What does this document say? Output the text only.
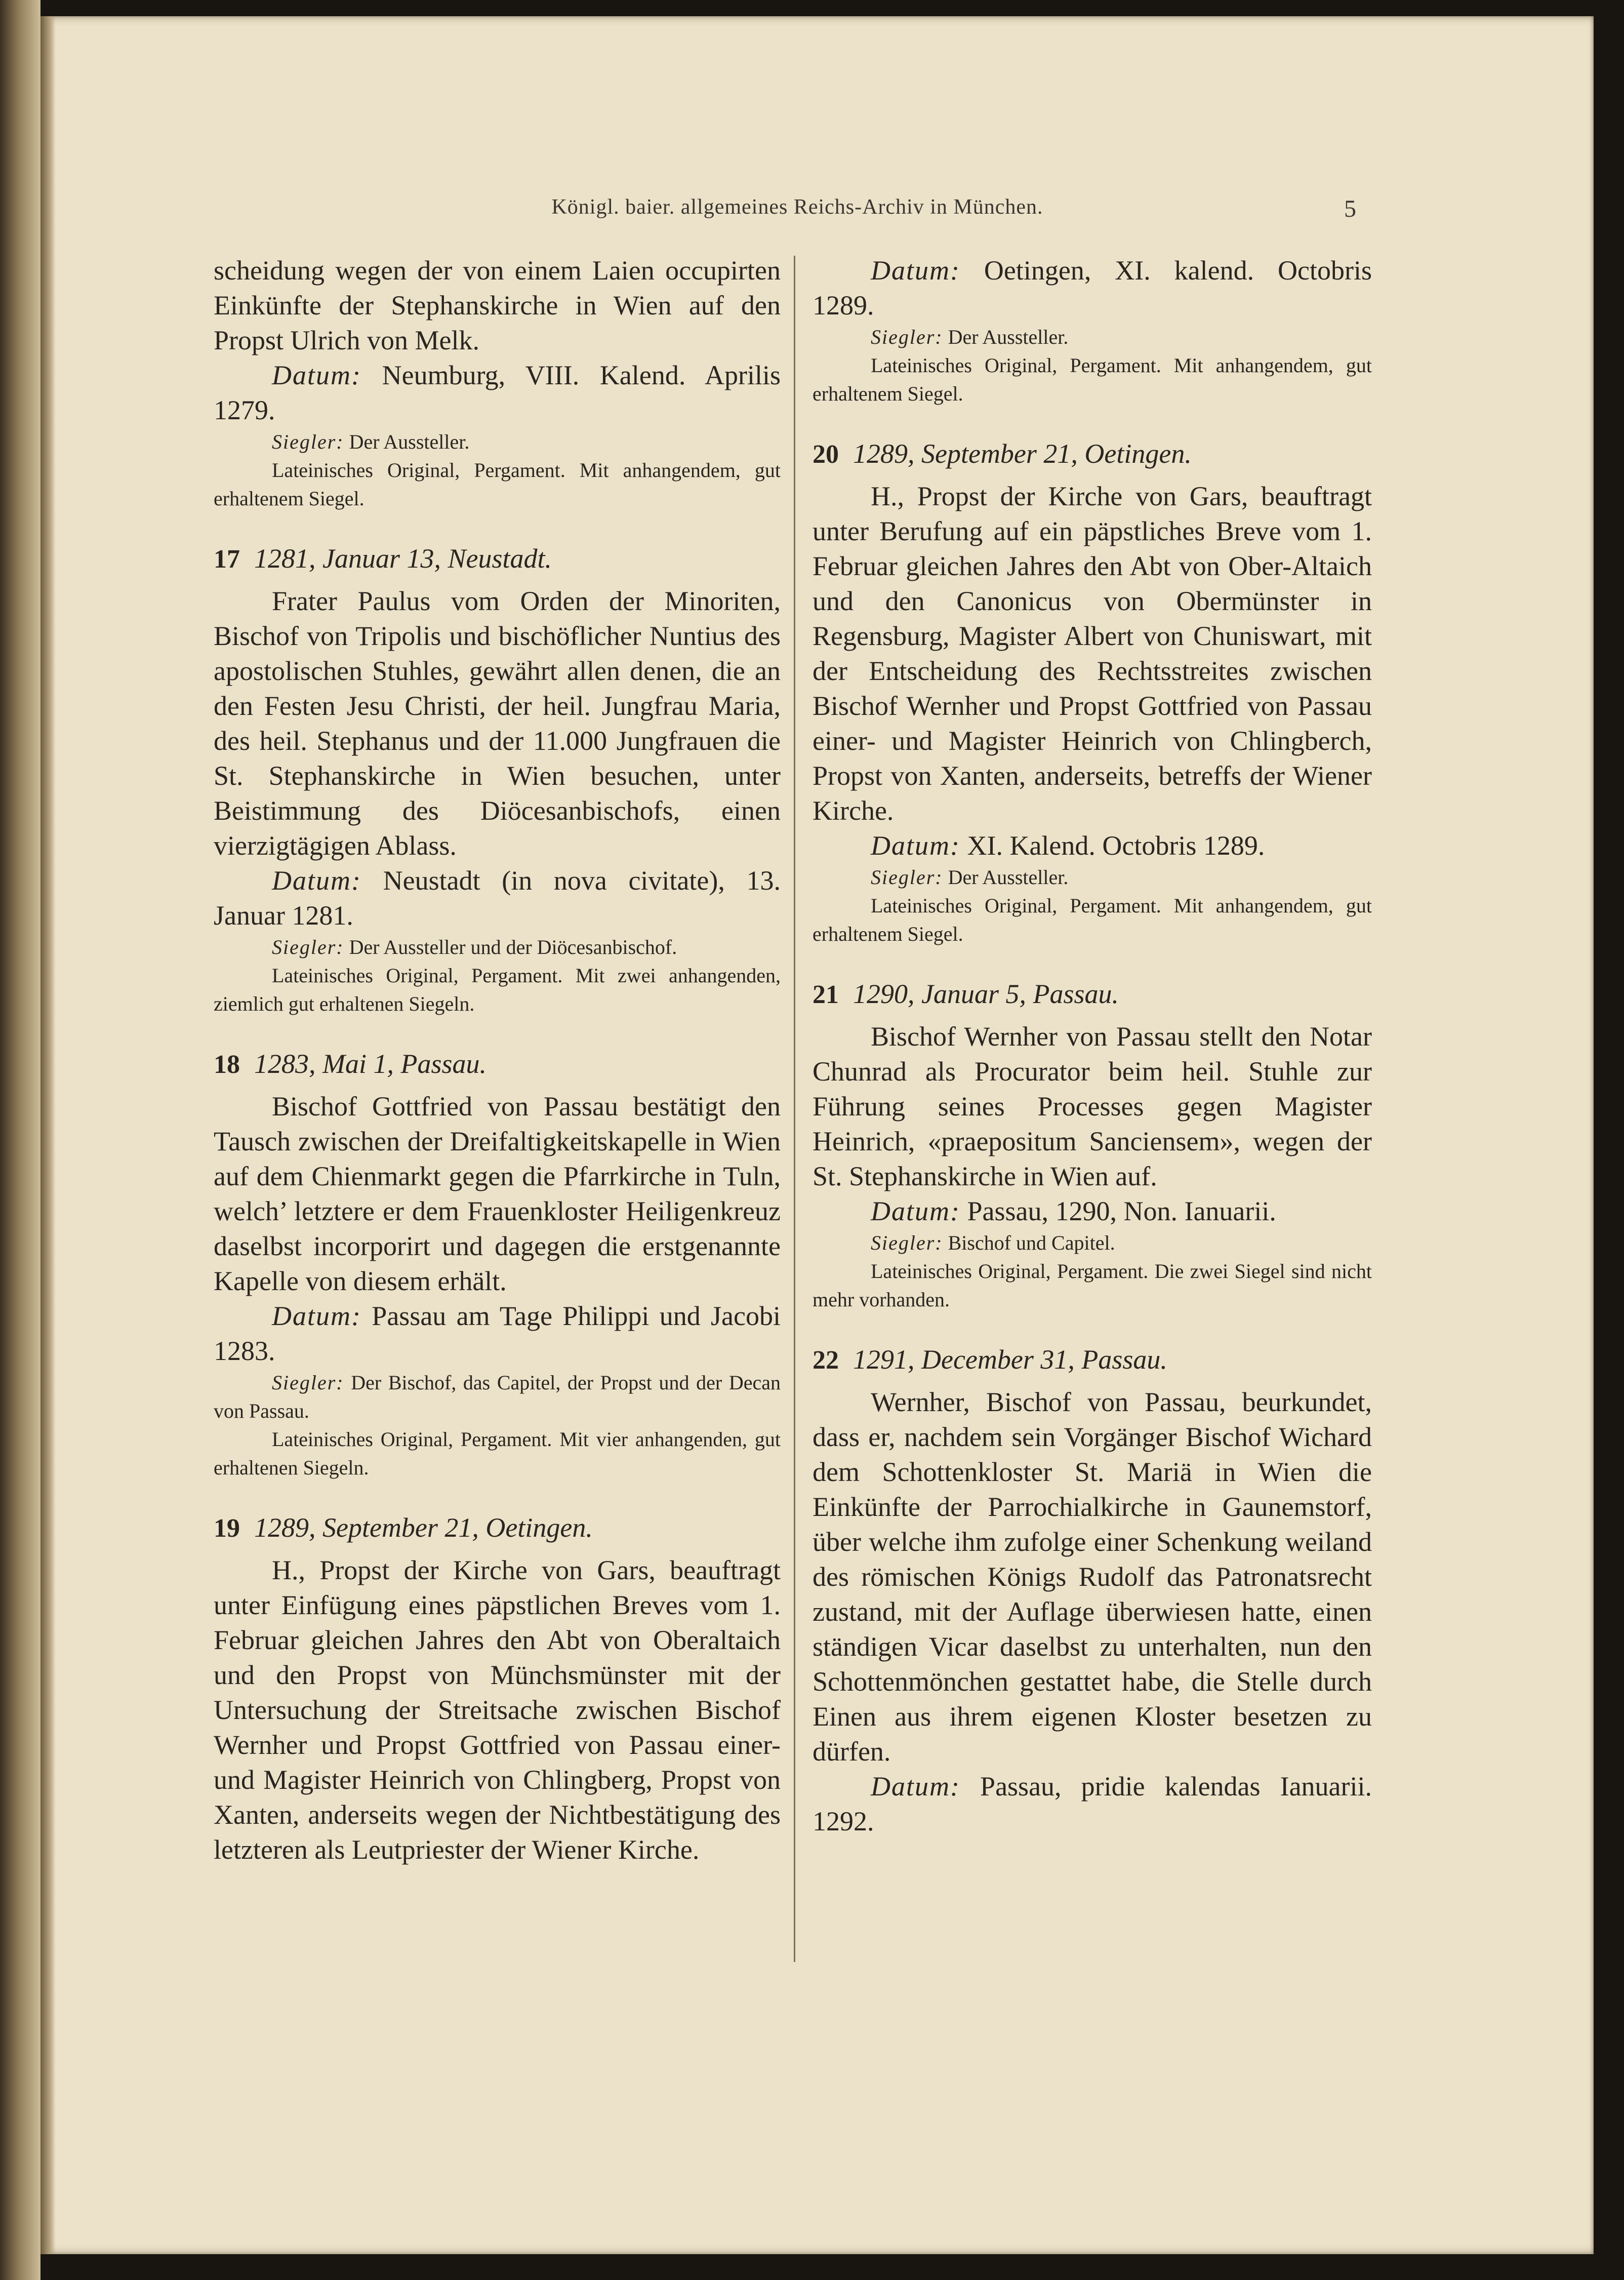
Königl. baier. allgemeines Reichs-Archiv in München.	5

scheidung wegen der von einem Laien occupirten Einkünfte der Stephanskirche in Wien auf den Propst Ulrich von Melk.

Datum: Neumburg, VIII. Kalend. Aprilis 1279.

Siegler: Der Aussteller.

Lateinisches Original, Pergament. Mit anhangendem, gut erhaltenem Siegel.

17 1281, Januar 13, Neustadt.

Frater Paulus vom Orden der Minoriten, Bischof von Tripolis und bischöflicher Nuntius des apostolischen Stuhles, gewährt allen denen, die an den Festen Jesu Christi, der heil. Jungfrau Maria, des heil. Stephanus und der 11.000 Jungfrauen die St. Stephanskirche in Wien besuchen, unter Beistimmung des Diöcesanbischofs, einen vierzigtägigen Ablass.

Datum: Neustadt (in nova civitate), 13. Januar 1281.

Siegler: Der Aussteller und der Diöcesanbischof.

Lateinisches Original, Pergament. Mit zwei anhangenden, ziemlich gut erhaltenen Siegeln.

18 1283, Mai 1, Passau.

Bischof Gottfried von Passau bestätigt den Tausch zwischen der Dreifaltigkeitskapelle in Wien auf dem Chienmarkt gegen die Pfarrkirche in Tuln, welch’ letztere er dem Frauenkloster Heiligenkreuz daselbst incorporirt und dagegen die erstgenannte Kapelle von diesem erhält.

Datum: Passau am Tage Philippi und Jacobi 1283.

Siegler: Der Bischof, das Capitel, der Propst und der Decan von Passau.

Lateinisches Original, Pergament. Mit vier anhangenden, gut erhaltenen Siegeln.

19 1289, September 21, Oetingen.

H., Propst der Kirche von Gars, beauftragt unter Einfügung eines päpstlichen Breves vom 1. Februar gleichen Jahres den Abt von Oberaltaich und den Propst von Münchsmünster mit der Untersuchung der Streitsache zwischen Bischof Wernher und Propst Gottfried von Passau einer- und Magister Heinrich von Chlingberg, Propst von Xanten, anderseits wegen der Nichtbestätigung des letzteren als Leutpriester der Wiener Kirche.

Datum: Oetingen, XI. kalend. Octobris 1289.

Siegler: Der Aussteller.

Lateinisches Original, Pergament. Mit anhangendem, gut erhaltenem Siegel.

20 1289, September 21, Oetingen.

H., Propst der Kirche von Gars, beauftragt unter Berufung auf ein päpstliches Breve vom 1. Februar gleichen Jahres den Abt von Ober-Altaich und den Canonicus von Obermünster in Regensburg, Magister Albert von Chuniswart, mit der Entscheidung des Rechtsstreites zwischen Bischof Wernher und Propst Gottfried von Passau einer- und Magister Heinrich von Chlingberch, Propst von Xanten, anderseits, betreffs der Wiener Kirche.

Datum: XI. Kalend. Octobris 1289.

Siegler: Der Aussteller.

Lateinisches Original, Pergament. Mit anhangendem, gut erhaltenem Siegel.

21 1290, Januar 5, Passau.

Bischof Wernher von Passau stellt den Notar Chunrad als Procurator beim heil. Stuhle zur Führung seines Processes gegen Magister Heinrich, «praepositum Sanciensem», wegen der St. Stephanskirche in Wien auf.

Datum: Passau, 1290, Non. Ianuarii.

Siegler: Bischof und Capitel.

Lateinisches Original, Pergament. Die zwei Siegel sind nicht mehr vorhanden.

22 1291, December 31, Passau.

Wernher, Bischof von Passau, beurkundet, dass er, nachdem sein Vorgänger Bischof Wichard dem Schottenkloster St. Mariä in Wien die Einkünfte der Parrochialkirche in Gaunemstorf, über welche ihm zufolge einer Schenkung weiland des römischen Königs Rudolf das Patronatsrecht zustand, mit der Auflage überwiesen hatte, einen ständigen Vicar daselbst zu unterhalten, nun den Schottenmönchen gestattet habe, die Stelle durch Einen aus ihrem eigenen Kloster besetzen zu dürfen.

Datum: Passau, pridie kalendas Ianuarii. 1292.
